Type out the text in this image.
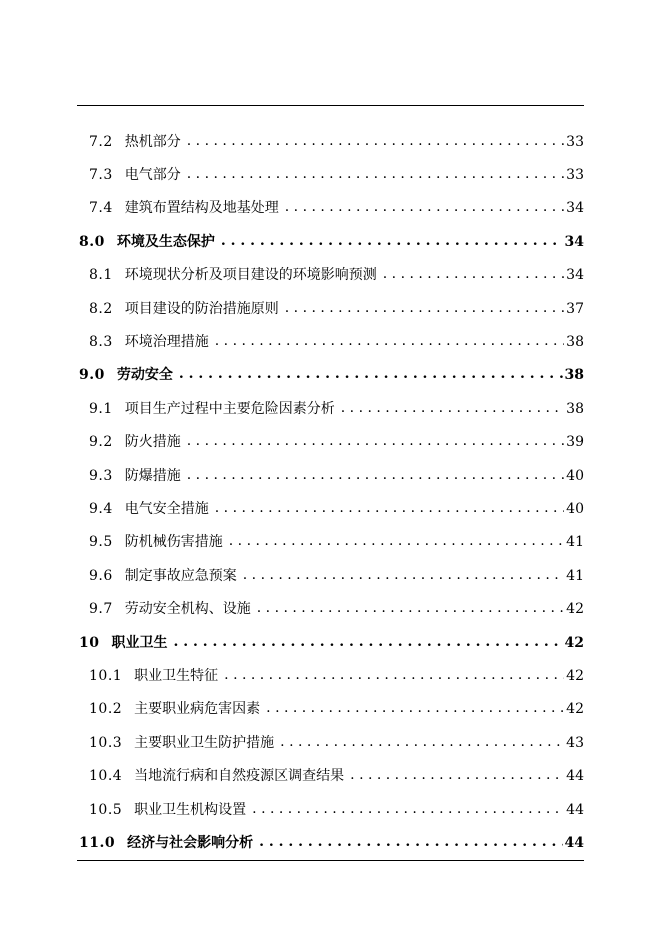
7.2 热机部分 . . .	33
7.3 电气部分 . . .	33
7.4 建筑布置结构及地基处理 . . .	34
8.0 环境及生态保护 . . .	34
8.1 环境现状分析及项目建设的环境影响预测 . . .	34
8.2 项目建设的防治措施原则 . . .	37
8.3 环境治理措施 . . .	38
9.0 劳动安全 . . .	38
9.1 项目生产过程中主要危险因素分析 . . .	38
9.2 防火措施 . . .	39
9.3 防爆措施 . . .	40
9.4 电气安全措施 . . .	40
9.5 防机械伤害措施 . . .	41
9.6 制定事故应急预案 . . .	41
9.7 劳动安全机构、设施 . . .	42
10 职业卫生 . . .	42
10.1 职业卫生特征 . . .	42
10.2 主要职业病危害因素 . . .	42
10.3 主要职业卫生防护措施 . . .	43
10.4 当地流行病和自然疫源区调查结果 . . .	44
10.5 职业卫生机构设置 . . .	44
11.0 经济与社会影响分析 . . .	44
